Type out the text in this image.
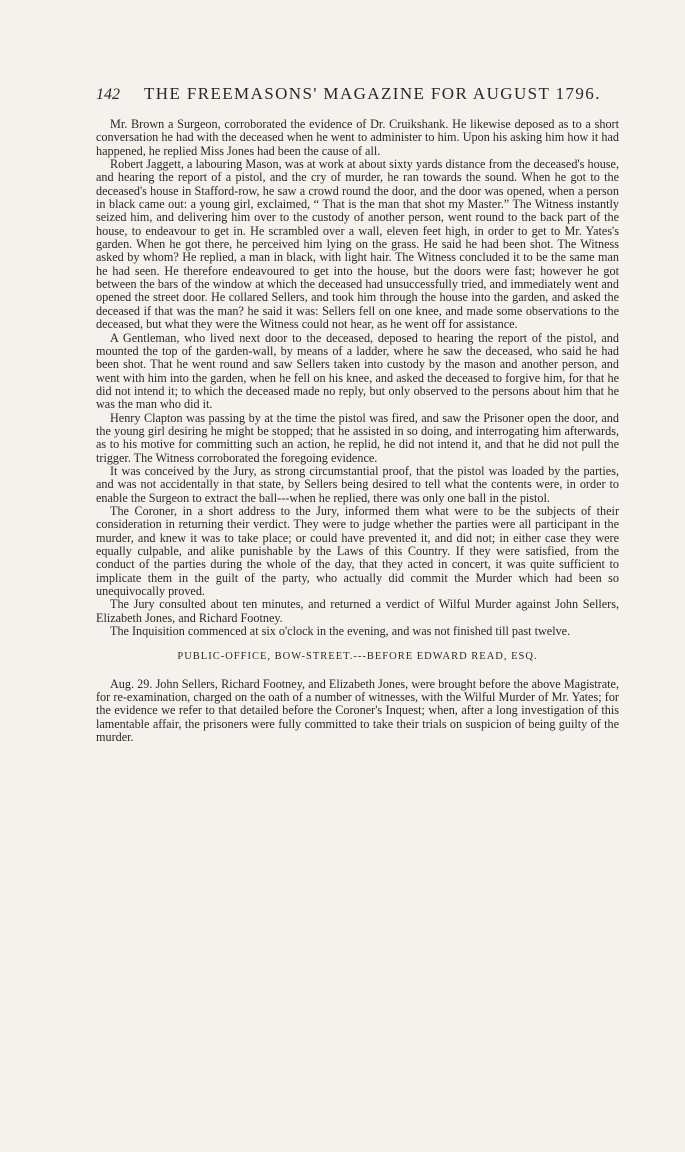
142	THE FREEMASONS' MAGAZINE FOR AUGUST 1796.

Mr. Brown a Surgeon, corroborated the evidence of Dr. Cruikshank. He likewise deposed as to a short conversation he had with the deceased when he went to administer to him. Upon his asking him how it had happened, he replied Miss Jones had been the cause of all.

Robert Jaggett, a labouring Mason, was at work at about sixty yards distance from the deceased's house, and hearing the report of a pistol, and the cry of murder, he ran towards the sound. When he got to the deceased's house in Stafford-row, he saw a crowd round the door, and the door was opened, when a person in black came out: a young girl, exclaimed, “ That is the man that shot my Master.” The Witness instantly seized him, and delivering him over to the custody of another person, went round to the back part of the house, to endeavour to get in. He scrambled over a wall, eleven feet high, in order to get to Mr. Yates's garden. When he got there, he perceived him lying on the grass. He said he had been shot. The Witness asked by whom? He replied, a man in black, with light hair. The Witness concluded it to be the same man he had seen. He therefore endeavoured to get into the house, but the doors were fast; however he got between the bars of the window at which the deceased had unsuccessfully tried, and immediately went and opened the street door. He collared Sellers, and took him through the house into the garden, and asked the deceased if that was the man? he said it was: Sellers fell on one knee, and made some observations to the deceased, but what they were the Witness could not hear, as he went off for assistance.

A Gentleman, who lived next door to the deceased, deposed to hearing the report of the pistol, and mounted the top of the garden-wall, by means of a ladder, where he saw the deceased, who said he had been shot. That he went round and saw Sellers taken into custody by the mason and another person, and went with him into the garden, when he fell on his knee, and asked the deceased to forgive him, for that he did not intend it; to which the deceased made no reply, but only observed to the persons about him that he was the man who did it.

Henry Clapton was passing by at the time the pistol was fired, and saw the Prisoner open the door, and the young girl desiring he might be stopped; that he assisted in so doing, and interrogating him afterwards, as to his motive for committing such an action, he replid, he did not intend it, and that he did not pull the trigger. The Witness corroborated the foregoing evidence.

It was conceived by the Jury, as strong circumstantial proof, that the pistol was loaded by the parties, and was not accidentally in that state, by Sellers being desired to tell what the contents were, in order to enable the Surgeon to extract the ball---when he replied, there was only one ball in the pistol.

The Coroner, in a short address to the Jury, informed them what were to be the subjects of their consideration in returning their verdict. They were to judge whether the parties were all participant in the murder, and knew it was to take place; or could have prevented it, and did not; in either case they were equally culpable, and alike punishable by the Laws of this Country. If they were satisfied, from the conduct of the parties during the whole of the day, that they acted in concert, it was quite sufficient to implicate them in the guilt of the party, who actually did commit the Murder which had been so unequivocally proved.

The Jury consulted about ten minutes, and returned a verdict of Wilful Murder against John Sellers, Elizabeth Jones, and Richard Footney.

The Inquisition commenced at six o'clock in the evening, and was not finished till past twelve.

PUBLIC-OFFICE, BOW-STREET.---BEFORE EDWARD READ, ESQ.

Aug. 29. John Sellers, Richard Footney, and Elizabeth Jones, were brought before the above Magistrate, for re-examination, charged on the oath of a number of witnesses, with the Wilful Murder of Mr. Yates; for the evidence we refer to that detailed before the Coroner's Inquest; when, after a long investigation of this lamentable affair, the prisoners were fully committed to take their trials on suspicion of being guilty of the murder.
